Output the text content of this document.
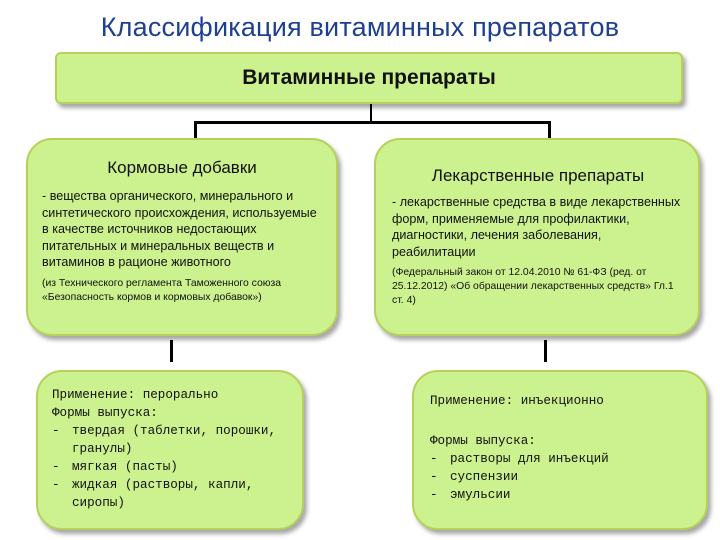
Классификация витаминных препаратов
Витаминные препараты
Кормовые добавки

- вещества органического, минерального и синтетического происхождения, используемые в качестве источников недостающих питательных и минеральных веществ и витаминов в рационе животного

(из Технического регламента Таможенного союза «Безопасность кормов и кормовых добавок»)
Лекарственные препараты

- лекарственные средства в виде лекарственных форм, применяемые для профилактики, диагностики, лечения заболевания, реабилитации

(Федеральный закон от 12.04.2010 № 61-ФЗ (ред. от 25.12.2012) «Об обращении лекарственных средств» Гл.1 ст. 4)
Применение: перорально
Формы выпуска:
- твердая (таблетки, порошки,
гранулы)
- мягкая (пасты)
- жидкая (растворы, капли,
сиропы)
Применение: инъекционно
Формы выпуска:
- растворы для инъекций
- суспензии
- эмульсии
